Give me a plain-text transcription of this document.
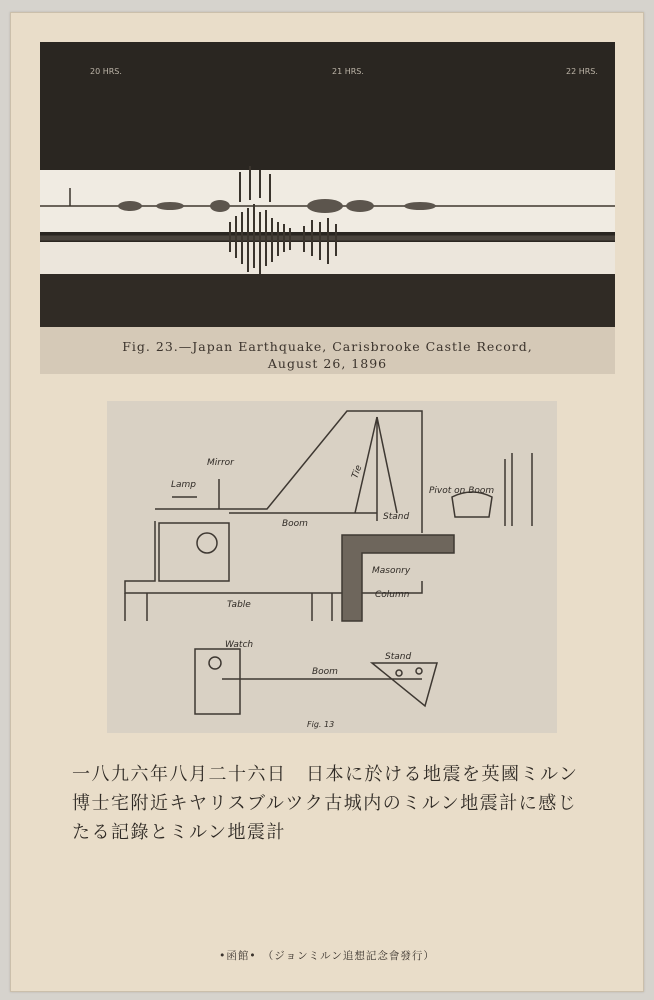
20 HRS.	21 HRS.	22 HRS.
Fig. 23.—Japan Earthquake, Carisbrooke Castle Record,
August 26, 1896
Mirror
Lamp
Tie
Boom
Stand
Pivot on Boom
Masonry
Column
Table
Watch
Boom
Stand
Fig. 13
一八九六年八月二十六日　日本に於ける地震を英國ミルン
博士宅附近キヤリスブルツク古城内のミルン地震計に感じ
たる記錄とミルン地震計
•函館•　（ジョンミルン追想記念會發行）
